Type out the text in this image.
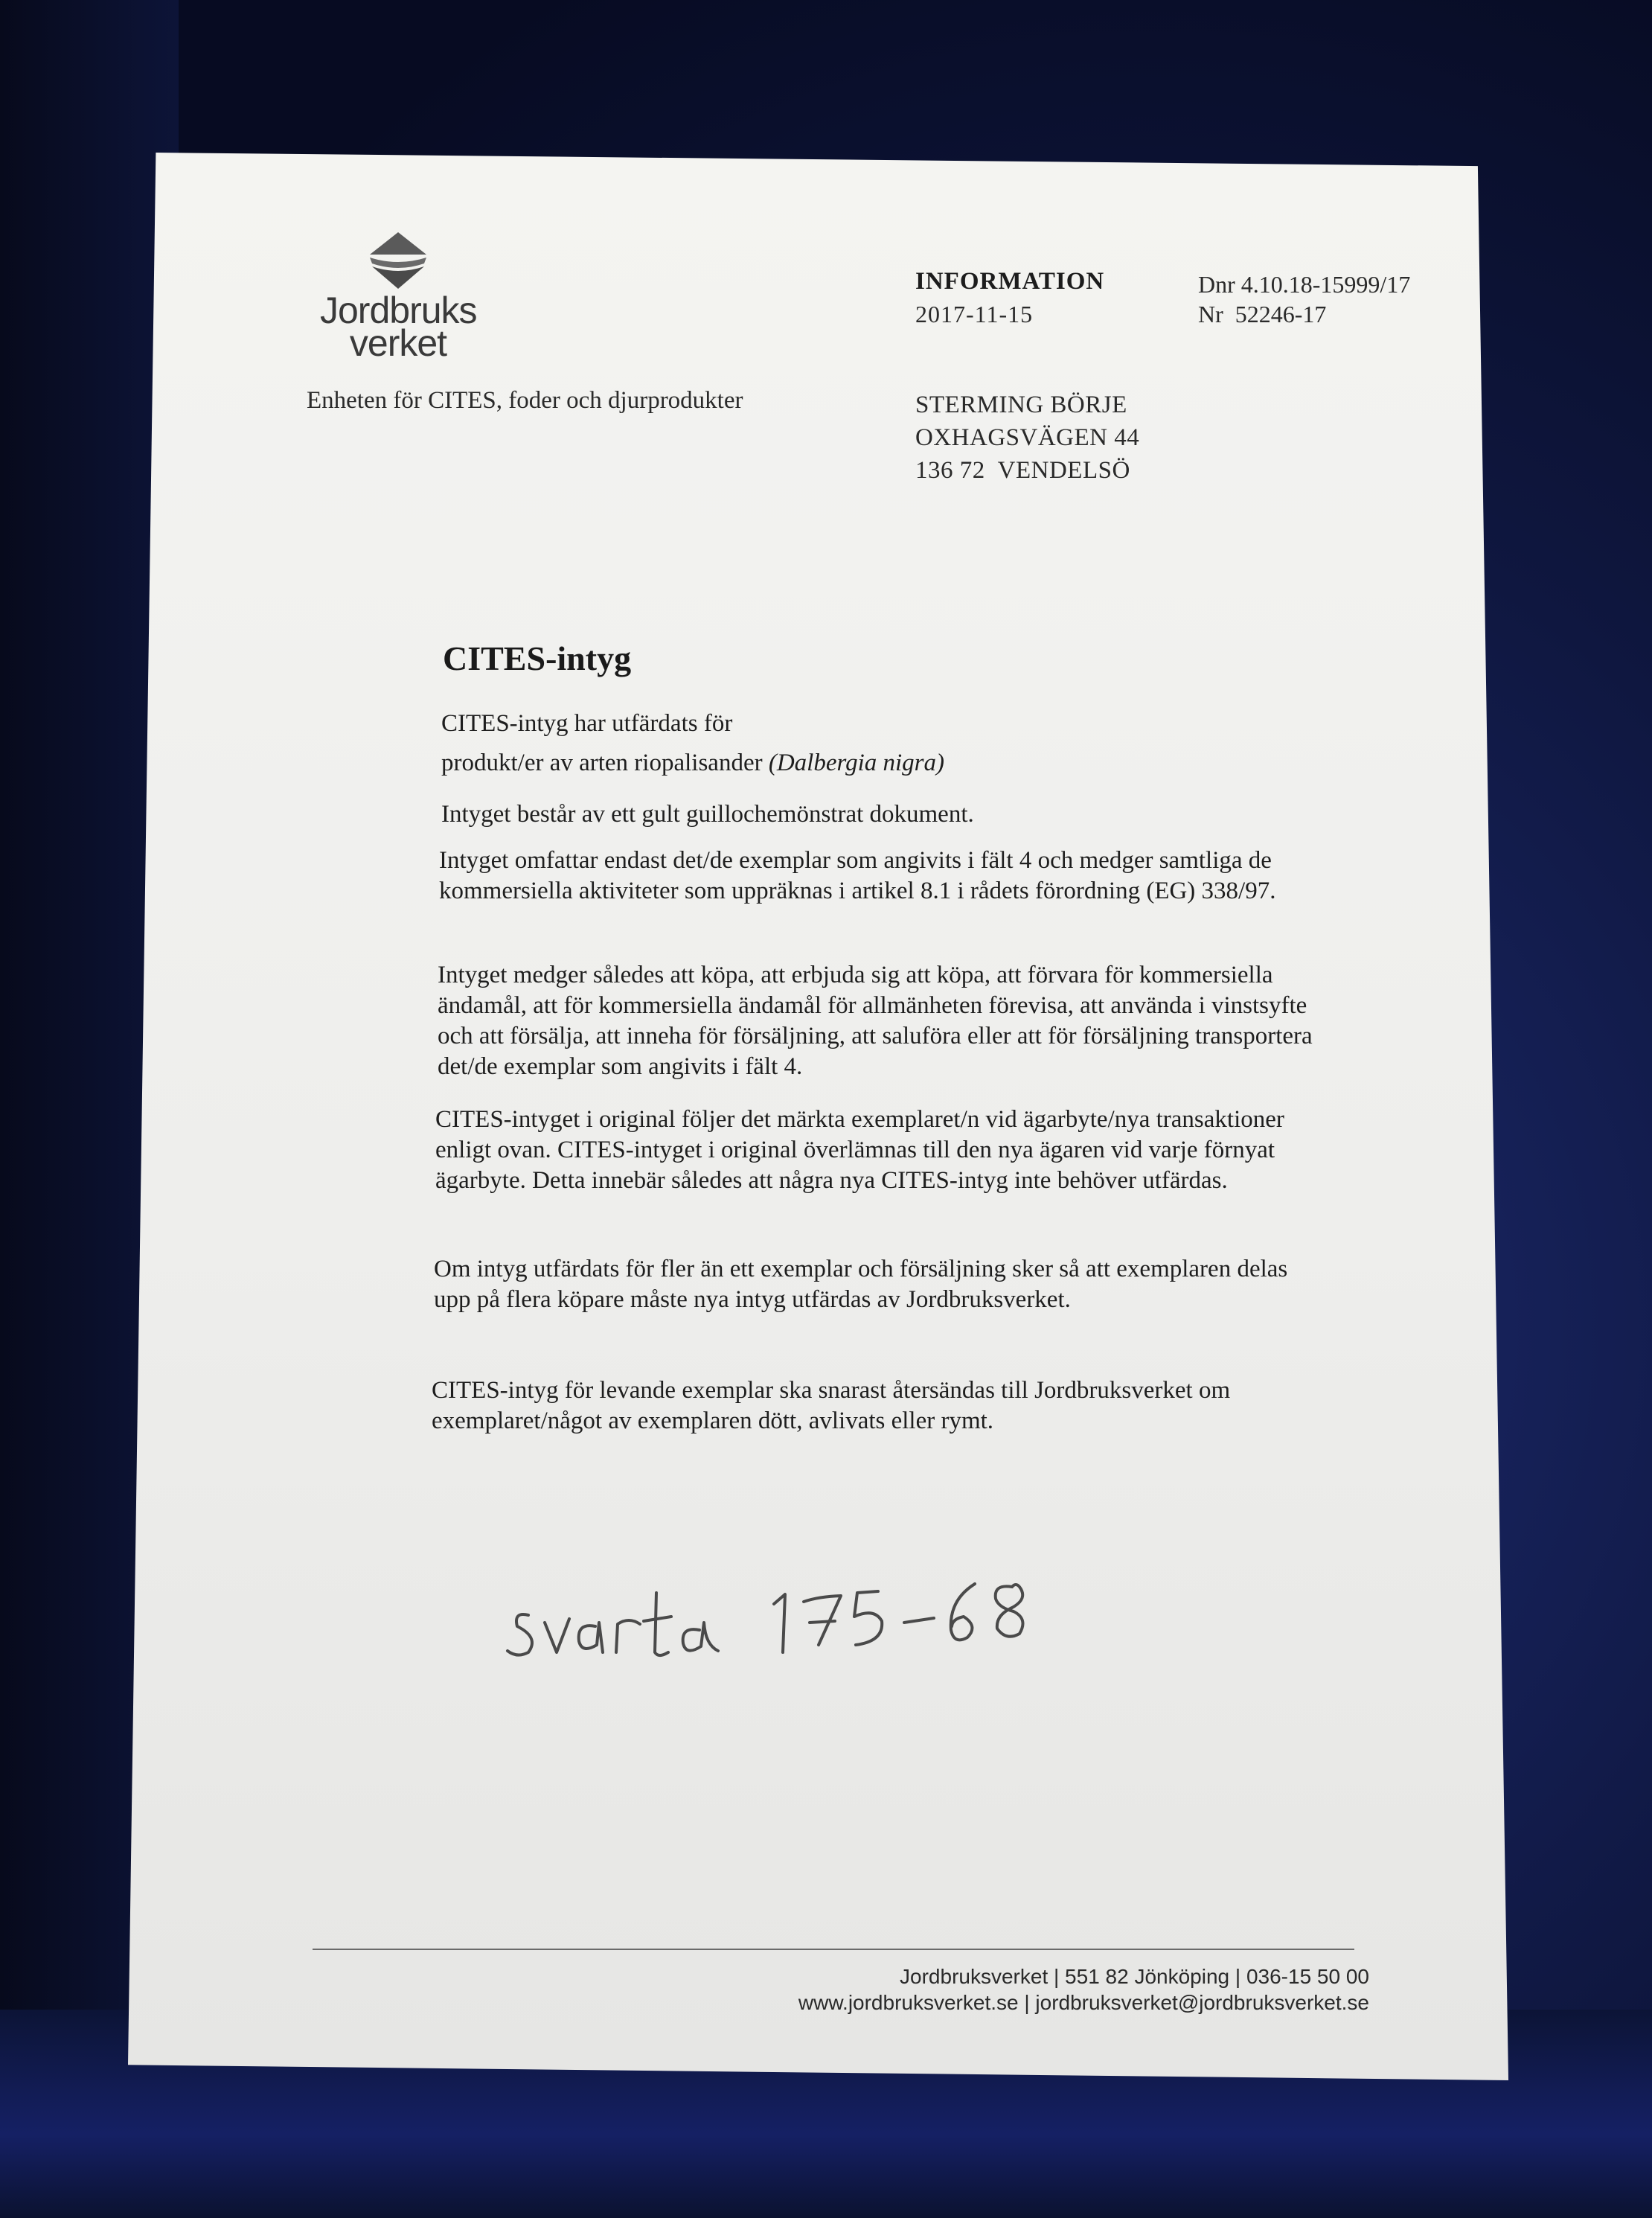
Jordbruks
verket
Enheten för CITES, foder och djurprodukter
INFORMATION
2017-11-15
Dnr 4.10.18-15999/17
Nr  52246-17
STERMING BÖRJE
OXHAGSVÄGEN 44
136 72  VENDELSÖ
CITES-intyg
CITES-intyg har utfärdats för
produkt/er av arten riopalisander (Dalbergia nigra)
Intyget består av ett gult guillochemönstrat dokument.
Intyget omfattar endast det/de exemplar som angivits i fält 4 och medger samtliga de kommersiella aktiviteter som uppräknas i artikel 8.1 i rådets förordning (EG) 338/97.
Intyget medger således att köpa, att erbjuda sig att köpa, att förvara för kommersiella ändamål, att för kommersiella ändamål för allmänheten förevisa, att använda i vinstsyfte och att försälja, att inneha för försäljning, att saluföra eller att för försäljning transportera det/de exemplar som angivits i fält 4.
CITES-intyget i original följer det märkta exemplaret/n vid ägarbyte/nya transaktioner enligt ovan. CITES-intyget i original överlämnas till den nya ägaren vid varje förnyat ägarbyte. Detta innebär således att några nya CITES-intyg inte behöver utfärdas.
Om intyg utfärdats för fler än ett exemplar och försäljning sker så att exemplaren delas upp på flera köpare måste nya intyg utfärdas av Jordbruksverket.
CITES-intyg för levande exemplar ska snarast återsändas till Jordbruksverket om exemplaret/något av exemplaren dött, avlivats eller rymt.
Jordbruksverket | 551 82 Jönköping | 036-15 50 00
www.jordbruksverket.se | jordbruksverket@jordbruksverket.se
